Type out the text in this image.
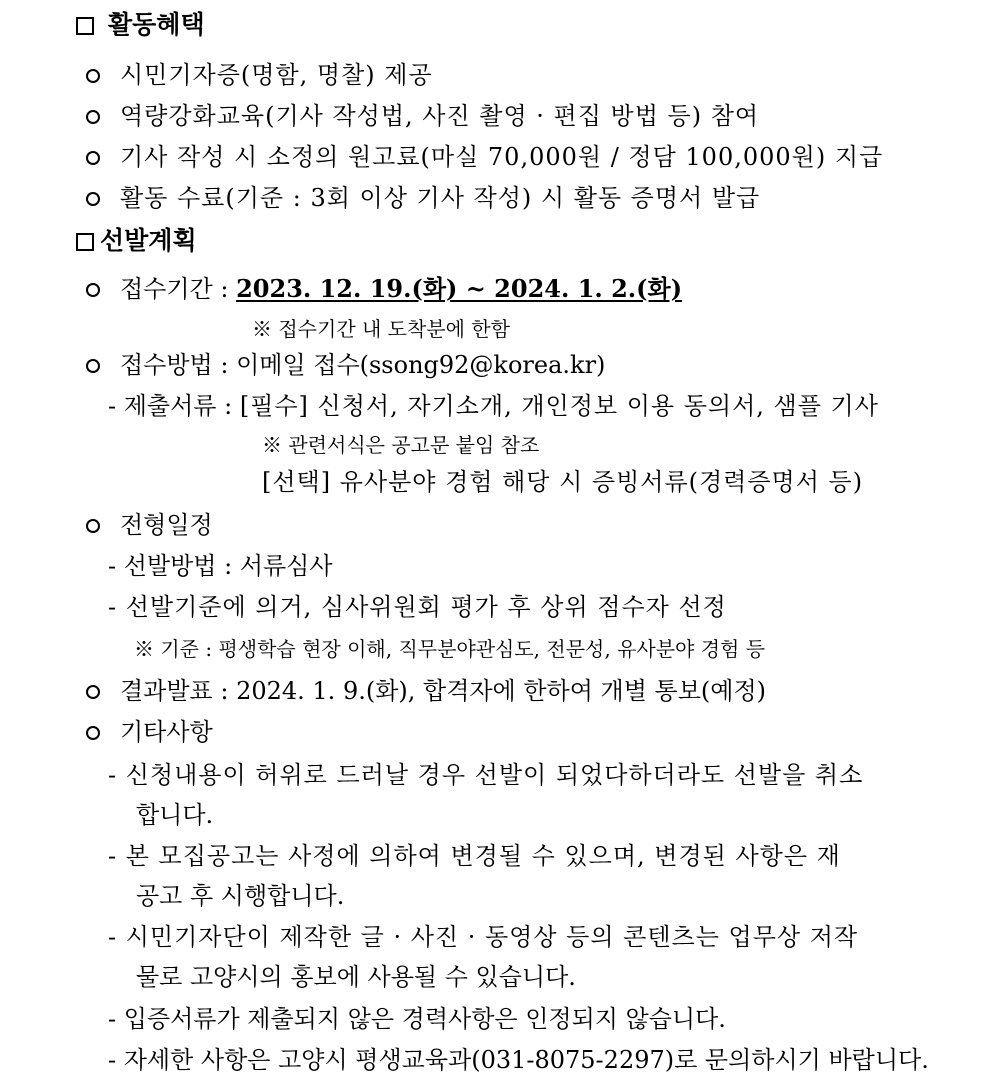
활동혜택
시민기자증(명함, 명찰) 제공
역량강화교육(기사 작성법, 사진 촬영 · 편집 방법 등) 참여
기사 작성 시 소정의 원고료(마실 70,000원 / 정담 100,000원) 지급
활동 수료(기준 : 3회 이상 기사 작성) 시 활동 증명서 발급
선발계획
접수기간 : 2023. 12. 19.(화) ~ 2024. 1. 2.(화)
※ 접수기간 내 도착분에 한함
접수방법 : 이메일 접수(ssong92@korea.kr)
- 제출서류 : [필수] 신청서, 자기소개, 개인정보 이용 동의서, 샘플 기사
※ 관련서식은 공고문 붙임 참조
[선택] 유사분야 경험 해당 시 증빙서류(경력증명서 등)
전형일정
- 선발방법 : 서류심사
- 선발기준에 의거, 심사위원회 평가 후 상위 점수자 선정
※ 기준 : 평생학습 현장 이해, 직무분야관심도, 전문성, 유사분야 경험 등
결과발표 : 2024. 1. 9.(화), 합격자에 한하여 개별 통보(예정)
기타사항
- 신청내용이 허위로 드러날 경우 선발이 되었다하더라도 선발을 취소
합니다.
- 본 모집공고는 사정에 의하여 변경될 수 있으며, 변경된 사항은 재
공고 후 시행합니다.
- 시민기자단이 제작한 글 · 사진 · 동영상 등의 콘텐츠는 업무상 저작
물로 고양시의 홍보에 사용될 수 있습니다.
- 입증서류가 제출되지 않은 경력사항은 인정되지 않습니다.
- 자세한 사항은 고양시 평생교육과(031-8075-2297)로 문의하시기 바랍니다.
